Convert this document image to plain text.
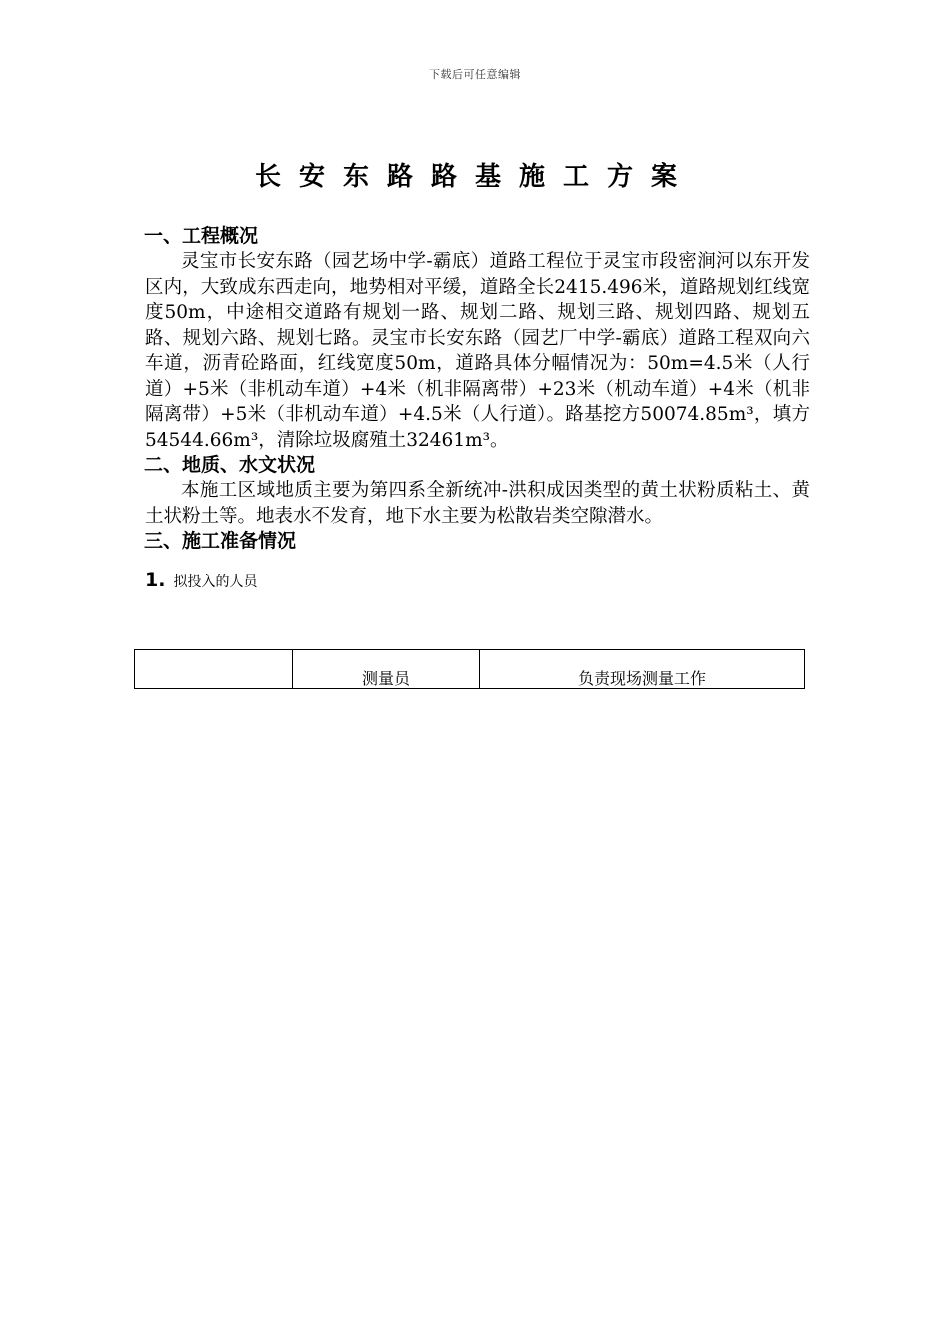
下载后可任意编辑
长安东路路基施工方案
一、工程概况

灵宝市长安东路（园艺场中学-霸底）道路工程位于灵宝市段密涧河以东开发区内，大致成东西走向，地势相对平缓，道路全长2415.496米，道路规划红线宽度50m，中途相交道路有规划一路、规划二路、规划三路、规划四路、规划五路、规划六路、规划七路。灵宝市长安东路（园艺厂中学-霸底）道路工程双向六车道，沥青砼路面，红线宽度50m，道路具体分幅情况为：50m=4.5米（人行道）+5米（非机动车道）+4米（机非隔离带）+23米（机动车道）+4米（机非隔离带）+5米（非机动车道）+4.5米（人行道）。路基挖方50074.85m³，填方54544.66m³，清除垃圾腐殖土32461m³。

二、地质、水文状况

本施工区域地质主要为第四系全新统冲-洪积成因类型的黄土状粉质粘土、黄土状粉土等。地表水不发育，地下水主要为松散岩类空隙潜水。

三、施工准备情况
1. 拟投入的人员
	测量员	负责现场测量工作
